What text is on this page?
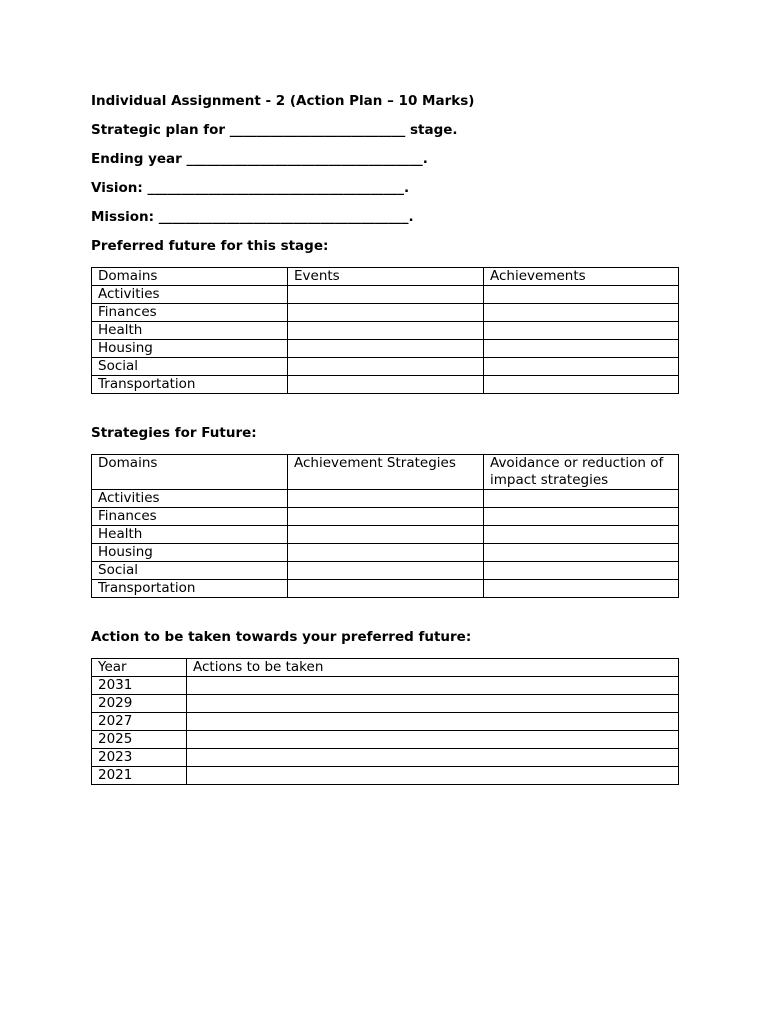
Individual Assignment - 2 (Action Plan – 10 Marks)

Strategic plan for __________________________ stage.

Ending year ___________________________________.

Vision: ______________________________________.

Mission: _____________________________________.

Preferred future for this stage:

Domains	Events	Achievements
Activities		
Finances		
Health		
Housing		
Social		
Transportation		

Strategies for Future:

Domains	Achievement Strategies	Avoidance or reduction of impact strategies
Activities		
Finances		
Health		
Housing		
Social		
Transportation		

Action to be taken towards your preferred future:

Year	Actions to be taken
2031	
2029	
2027	
2025	
2023	
2021	
